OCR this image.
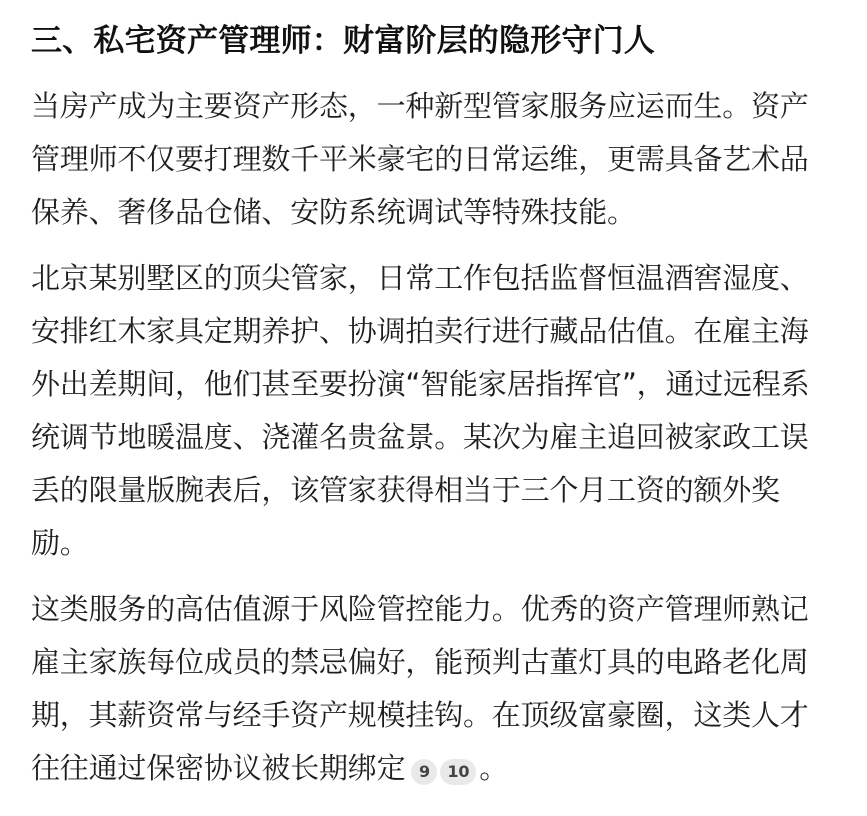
三、私宅资产管理师：财富阶层的隐形守门人

当房产成为主要资产形态，一种新型管家服务应运而生。资产管理师不仅要打理数千平米豪宅的日常运维，更需具备艺术品保养、奢侈品仓储、安防系统调试等特殊技能。

北京某别墅区的顶尖管家，日常工作包括监督恒温酒窖湿度、安排红木家具定期养护、协调拍卖行进行藏品估值。在雇主海外出差期间，他们甚至要扮演“智能家居指挥官”，通过远程系统调节地暖温度、浇灌名贵盆景。某次为雇主追回被家政工误丢的限量版腕表后，该管家获得相当于三个月工资的额外奖励。

这类服务的高估值源于风险管控能力。优秀的资产管理师熟记雇主家族每位成员的禁忌偏好，能预判古董灯具的电路老化周期，其薪资常与经手资产规模挂钩。在顶级富豪圈，这类人才往往通过保密协议被长期绑定 9 10 。
